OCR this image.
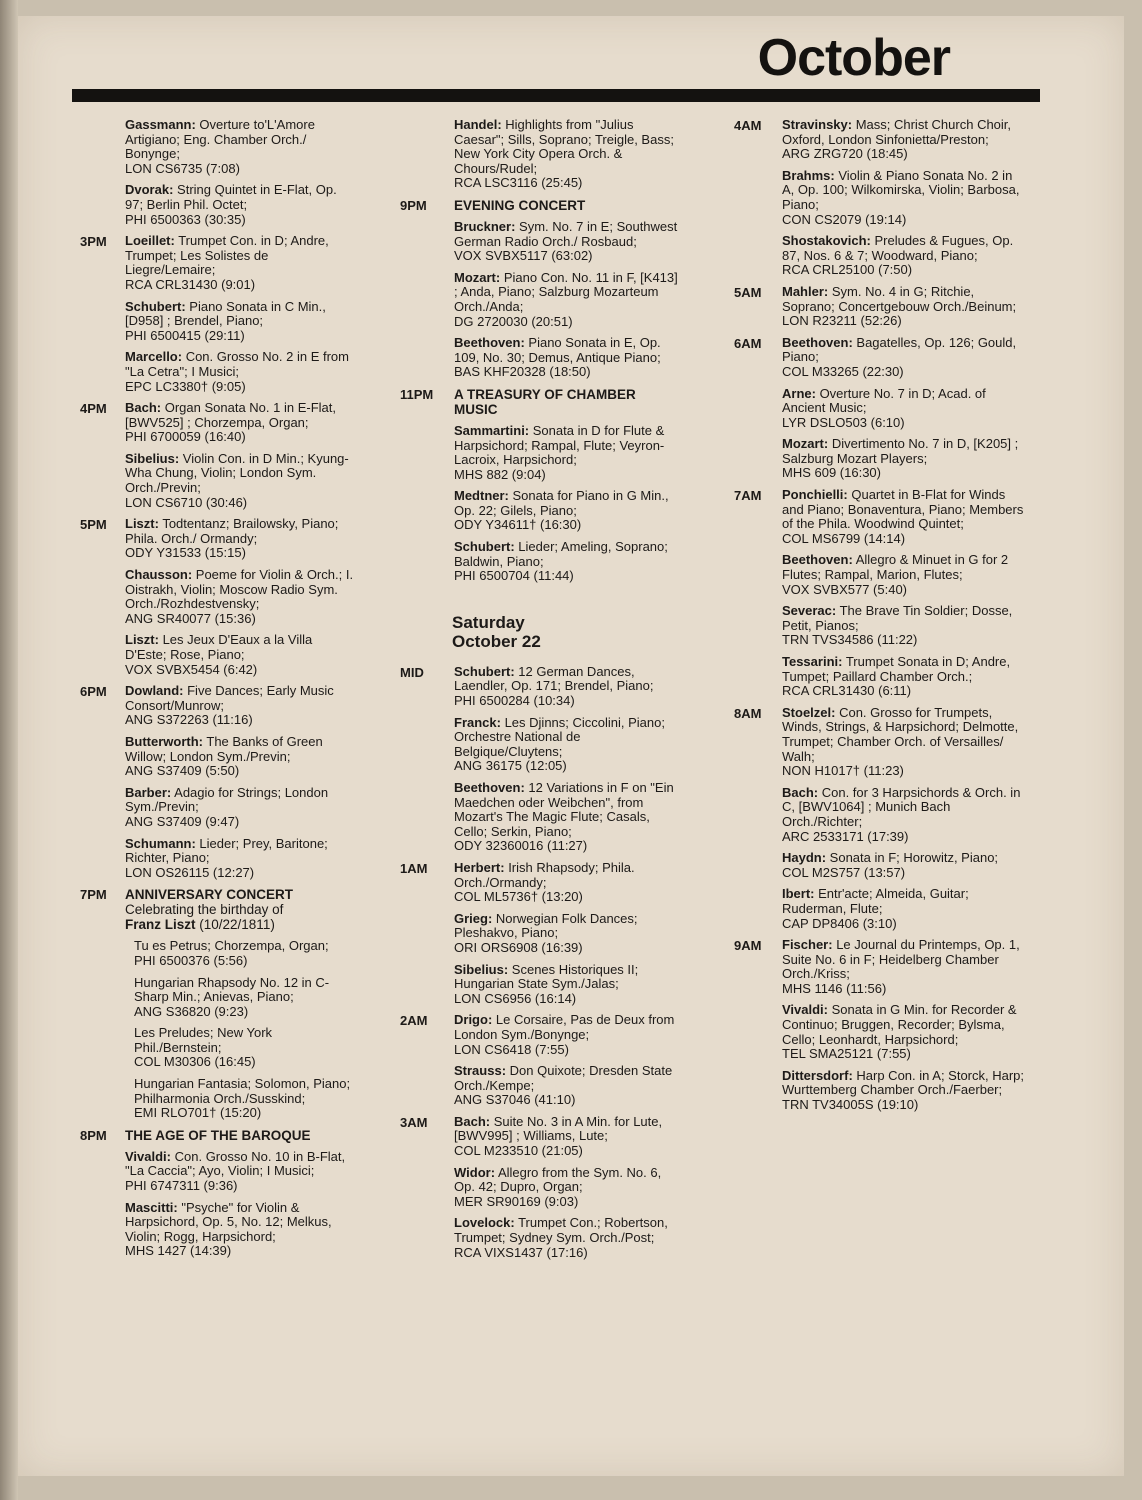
October
Gassmann: Overture to'L'Amore Artigiano; Eng. Chamber Orch./ Bonynge;
LON CS6735 (7:08)
Dvorak: String Quintet in E-Flat, Op. 97; Berlin Phil. Octet;
PHI 6500363 (30:35)
3PM	Loeillet: Trumpet Con. in D; Andre, Trumpet; Les Solistes de Liegre/Lemaire;
RCA CRL31430 (9:01)
Schubert: Piano Sonata in C Min., [D958] ; Brendel, Piano;
PHI 6500415 (29:11)
Marcello: Con. Grosso No. 2 in E from "La Cetra"; I Musici;
EPC LC3380† (9:05)
4PM	Bach: Organ Sonata No. 1 in E-Flat, [BWV525] ; Chorzempa, Organ;
PHI 6700059 (16:40)
Sibelius: Violin Con. in D Min.; Kyung-Wha Chung, Violin; London Sym. Orch./Previn;
LON CS6710 (30:46)
5PM	Liszt: Todtentanz; Brailowsky, Piano; Phila. Orch./ Ormandy;
ODY Y31533 (15:15)
Chausson: Poeme for Violin & Orch.; I. Oistrakh, Violin; Moscow Radio Sym. Orch./Rozhdestvensky;
ANG SR40077 (15:36)
Liszt: Les Jeux D'Eaux a la Villa D'Este; Rose, Piano;
VOX SVBX5454 (6:42)
6PM	Dowland: Five Dances; Early Music Consort/Munrow;
ANG S372263 (11:16)
Butterworth: The Banks of Green Willow; London Sym./Previn;
ANG S37409 (5:50)
Barber: Adagio for Strings; London Sym./Previn;
ANG S37409 (9:47)
Schumann: Lieder; Prey, Baritone; Richter, Piano;
LON OS26115 (12:27)
7PM	ANNIVERSARY CONCERT
Celebrating the birthday of
Franz Liszt (10/22/1811)
Tu es Petrus; Chorzempa, Organ;
PHI 6500376 (5:56)
Hungarian Rhapsody No. 12 in C-Sharp Min.; Anievas, Piano;
ANG S36820 (9:23)
Les Preludes; New York Phil./Bernstein;
COL M30306 (16:45)
Hungarian Fantasia; Solomon, Piano; Philharmonia Orch./Susskind;
EMI RLO701† (15:20)
8PM	THE AGE OF THE BAROQUE
Vivaldi: Con. Grosso No. 10 in B-Flat, "La Caccia"; Ayo, Violin; I Musici;
PHI 6747311 (9:36)
Mascitti: "Psyche" for Violin & Harpsichord, Op. 5, No. 12; Melkus, Violin; Rogg, Harpsichord;
MHS 1427 (14:39)
Handel: Highlights from "Julius Caesar"; Sills, Soprano; Treigle, Bass; New York City Opera Orch. & Chours/Rudel;
RCA LSC3116 (25:45)
9PM	EVENING CONCERT
Bruckner: Sym. No. 7 in E; Southwest German Radio Orch./ Rosbaud;
VOX SVBX5117 (63:02)
Mozart: Piano Con. No. 11 in F, [K413] ; Anda, Piano; Salzburg Mozarteum Orch./Anda;
DG 2720030 (20:51)
Beethoven: Piano Sonata in E, Op. 109, No. 30; Demus, Antique Piano;
BAS KHF20328 (18:50)
11PM	A TREASURY OF CHAMBER MUSIC
Sammartini: Sonata in D for Flute & Harpsichord; Rampal, Flute; Veyron-Lacroix, Harpsichord;
MHS 882 (9:04)
Medtner: Sonata for Piano in G Min., Op. 22; Gilels, Piano;
ODY Y34611† (16:30)
Schubert: Lieder; Ameling, Soprano; Baldwin, Piano;
PHI 6500704 (11:44)
Saturday
October 22
MID	Schubert: 12 German Dances, Laendler, Op. 171; Brendel, Piano;
PHI 6500284 (10:34)
Franck: Les Djinns; Ciccolini, Piano; Orchestre National de Belgique/Cluytens;
ANG 36175 (12:05)
Beethoven: 12 Variations in F on "Ein Maedchen oder Weibchen", from Mozart's The Magic Flute; Casals, Cello; Serkin, Piano;
ODY 32360016 (11:27)
1AM	Herbert: Irish Rhapsody; Phila. Orch./Ormandy;
COL ML5736† (13:20)
Grieg: Norwegian Folk Dances; Pleshakvo, Piano;
ORI ORS6908 (16:39)
Sibelius: Scenes Historiques II; Hungarian State Sym./Jalas;
LON CS6956 (16:14)
2AM	Drigo: Le Corsaire, Pas de Deux from London Sym./Bonynge;
LON CS6418 (7:55)
Strauss: Don Quixote; Dresden State Orch./Kempe;
ANG S37046 (41:10)
3AM	Bach: Suite No. 3 in A Min. for Lute, [BWV995] ; Williams, Lute;
COL M233510 (21:05)
Widor: Allegro from the Sym. No. 6, Op. 42; Dupro, Organ;
MER SR90169 (9:03)
Lovelock: Trumpet Con.; Robertson, Trumpet; Sydney Sym. Orch./Post;
RCA VIXS1437 (17:16)
4AM	Stravinsky: Mass; Christ Church Choir, Oxford, London Sinfonietta/Preston;
ARG ZRG720 (18:45)
Brahms: Violin & Piano Sonata No. 2 in A, Op. 100; Wilkomirska, Violin; Barbosa, Piano;
CON CS2079 (19:14)
Shostakovich: Preludes & Fugues, Op. 87, Nos. 6 & 7; Woodward, Piano;
RCA CRL25100 (7:50)
5AM	Mahler: Sym. No. 4 in G; Ritchie, Soprano; Concertgebouw Orch./Beinum;
LON R23211 (52:26)
6AM	Beethoven: Bagatelles, Op. 126; Gould, Piano;
COL M33265 (22:30)
Arne: Overture No. 7 in D; Acad. of Ancient Music;
LYR DSLO503 (6:10)
Mozart: Divertimento No. 7 in D, [K205] ; Salzburg Mozart Players;
MHS 609 (16:30)
7AM	Ponchielli: Quartet in B-Flat for Winds and Piano; Bonaventura, Piano; Members of the Phila. Woodwind Quintet;
COL MS6799 (14:14)
Beethoven: Allegro & Minuet in G for 2 Flutes; Rampal, Marion, Flutes;
VOX SVBX577 (5:40)
Severac: The Brave Tin Soldier; Dosse, Petit, Pianos;
TRN TVS34586 (11:22)
Tessarini: Trumpet Sonata in D; Andre, Tumpet; Paillard Chamber Orch.;
RCA CRL31430 (6:11)
8AM	Stoelzel: Con. Grosso for Trumpets, Winds, Strings, & Harpsichord; Delmotte, Trumpet; Chamber Orch. of Versailles/ Walh;
NON H1017† (11:23)
Bach: Con. for 3 Harpsichords & Orch. in C, [BWV1064] ; Munich Bach Orch./Richter;
ARC 2533171 (17:39)
Haydn: Sonata in F; Horowitz, Piano;
COL M2S757 (13:57)
Ibert: Entr'acte; Almeida, Guitar; Ruderman, Flute;
CAP DP8406 (3:10)
9AM	Fischer: Le Journal du Printemps, Op. 1, Suite No. 6 in F; Heidelberg Chamber Orch./Kriss;
MHS 1146 (11:56)
Vivaldi: Sonata in G Min. for Recorder & Continuo; Bruggen, Recorder; Bylsma, Cello; Leonhardt, Harpsichord;
TEL SMA25121 (7:55)
Dittersdorf: Harp Con. in A; Storck, Harp; Wurttemberg Chamber Orch./Faerber;
TRN TV34005S (19:10)
